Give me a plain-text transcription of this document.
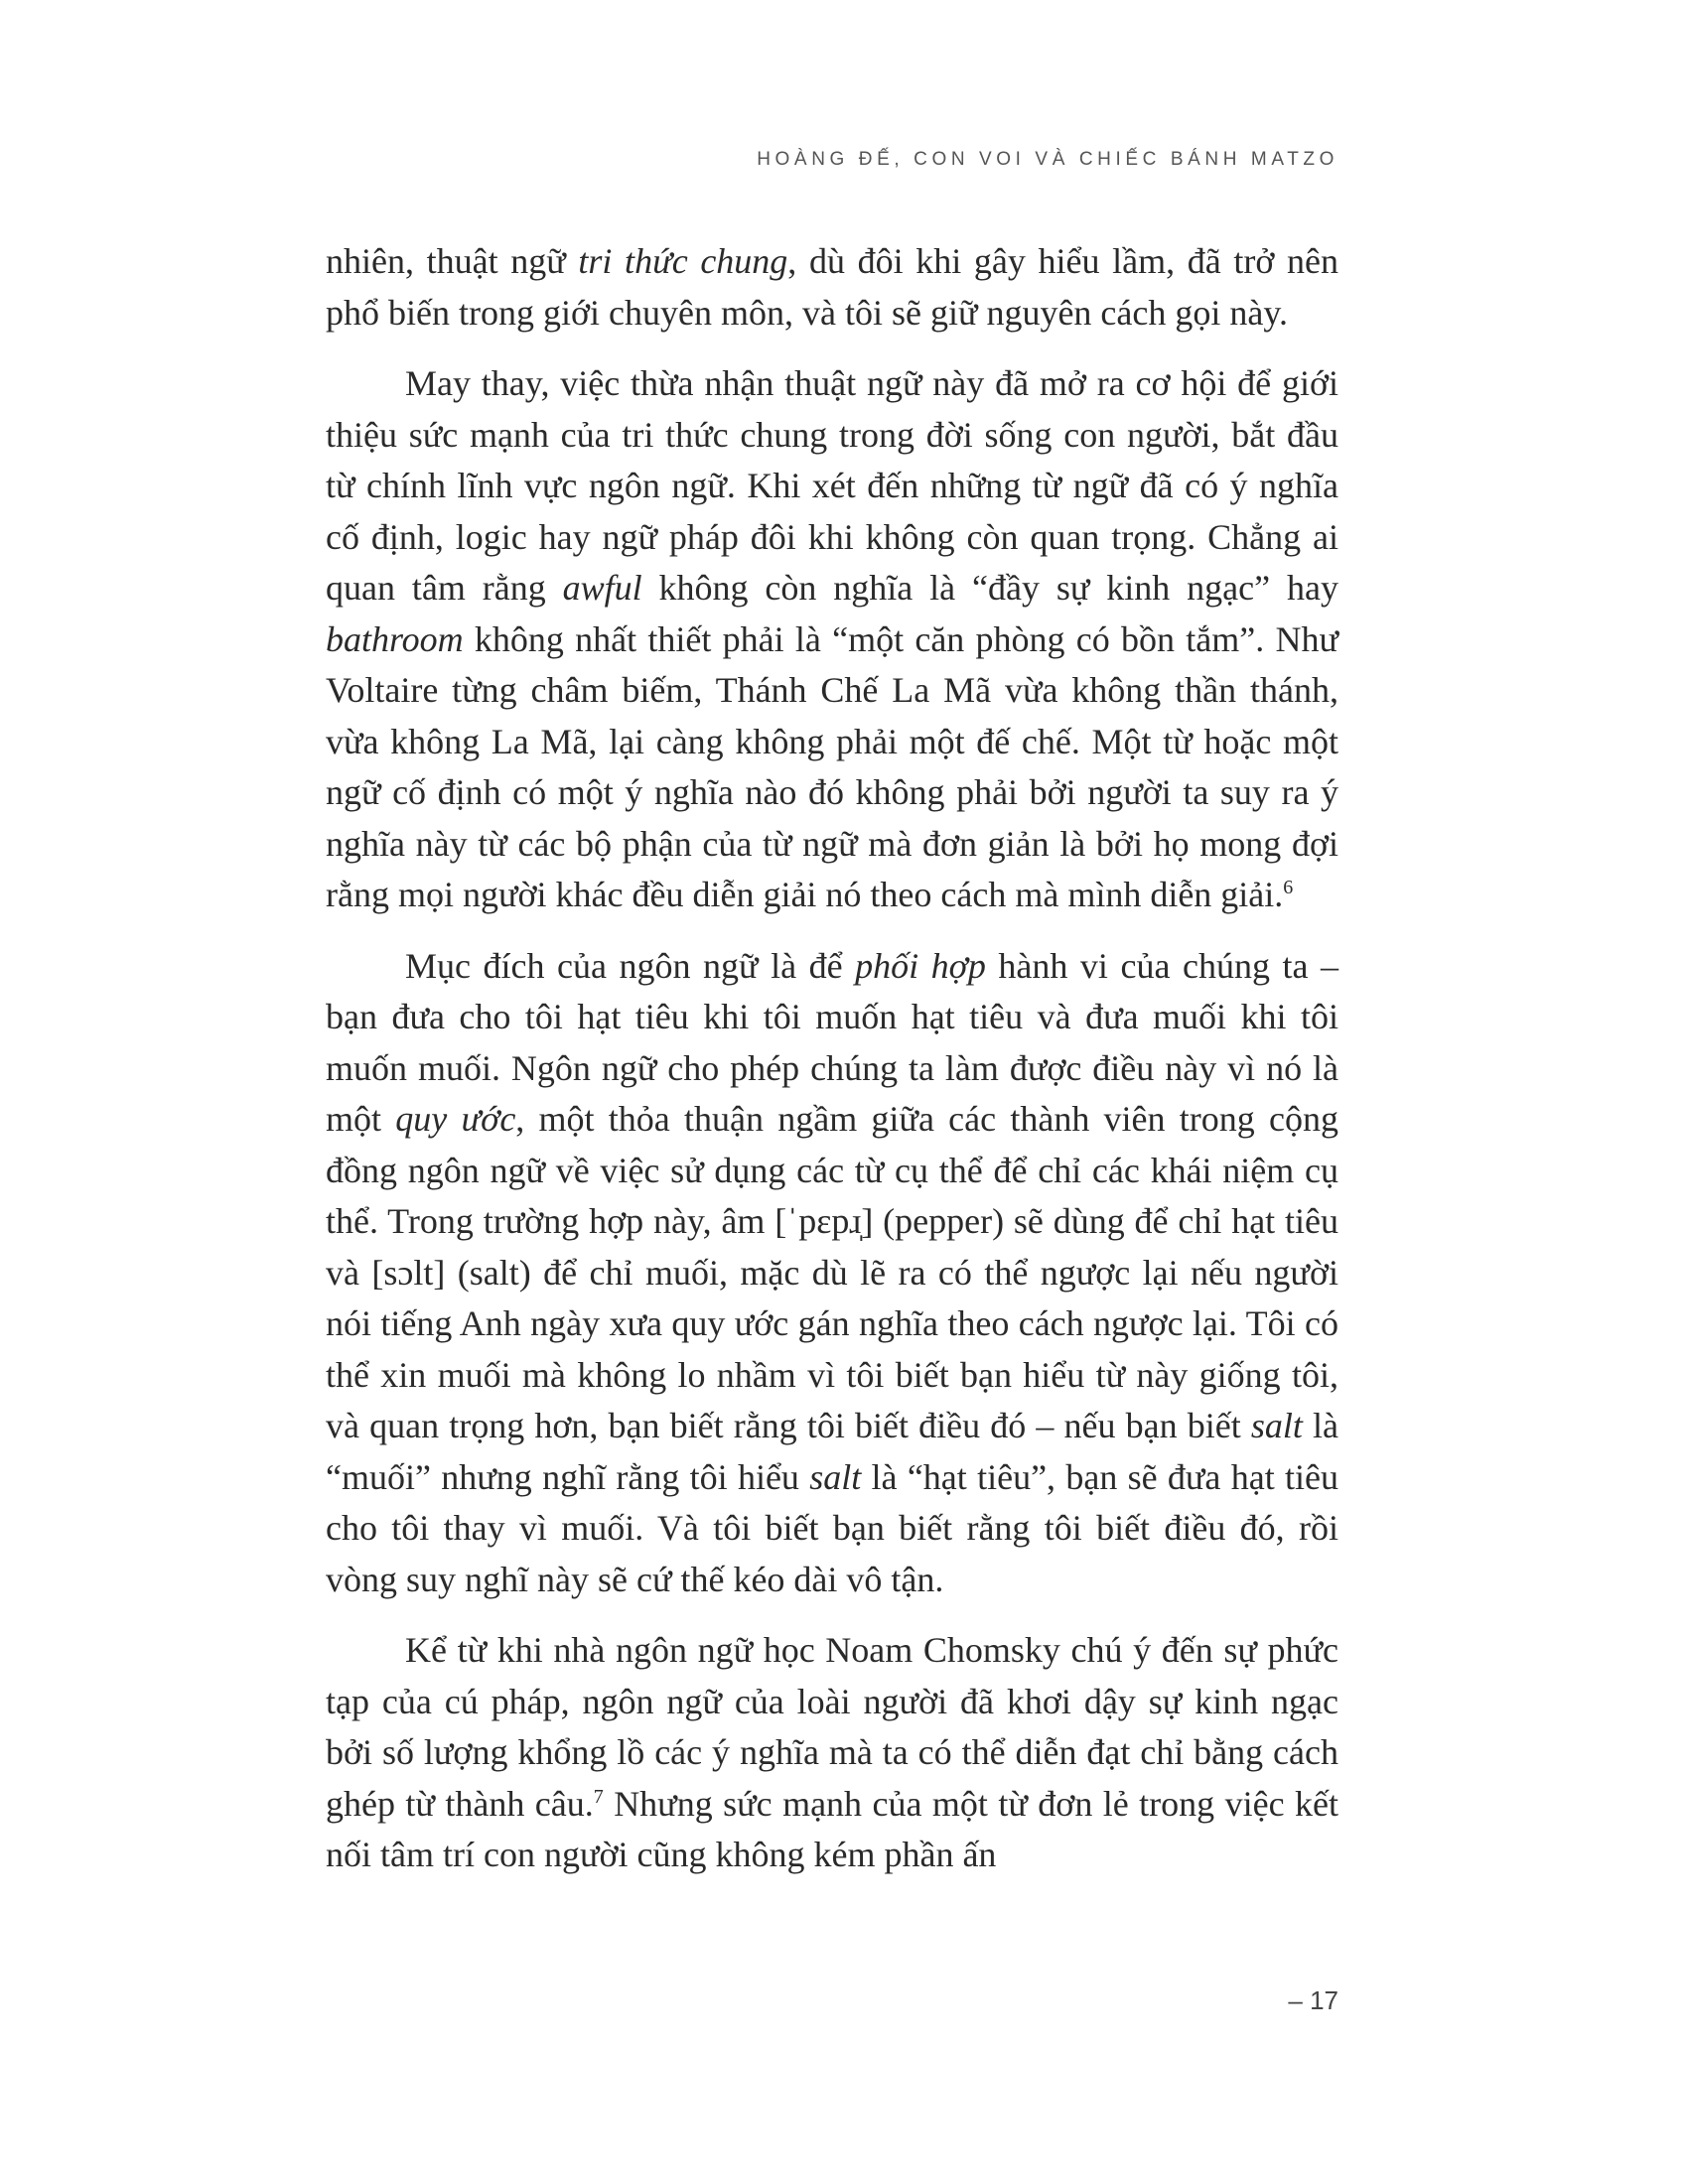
HOÀNG ĐẾ, CON VOI VÀ CHIẾC BÁNH MATZO

nhiên, thuật ngữ tri thức chung, dù đôi khi gây hiểu lầm, đã trở nên phổ biến trong giới chuyên môn, và tôi sẽ giữ nguyên cách gọi này.

May thay, việc thừa nhận thuật ngữ này đã mở ra cơ hội để giới thiệu sức mạnh của tri thức chung trong đời sống con người, bắt đầu từ chính lĩnh vực ngôn ngữ. Khi xét đến những từ ngữ đã có ý nghĩa cố định, logic hay ngữ pháp đôi khi không còn quan trọng. Chẳng ai quan tâm rằng awful không còn nghĩa là “đầy sự kinh ngạc” hay bathroom không nhất thiết phải là “một căn phòng có bồn tắm”. Như Voltaire từng châm biếm, Thánh Chế La Mã vừa không thần thánh, vừa không La Mã, lại càng không phải một đế chế. Một từ hoặc một ngữ cố định có một ý nghĩa nào đó không phải bởi người ta suy ra ý nghĩa này từ các bộ phận của từ ngữ mà đơn giản là bởi họ mong đợi rằng mọi người khác đều diễn giải nó theo cách mà mình diễn giải.$^6$

Mục đích của ngôn ngữ là để phối hợp hành vi của chúng ta – bạn đưa cho tôi hạt tiêu khi tôi muốn hạt tiêu và đưa muối khi tôi muốn muối. Ngôn ngữ cho phép chúng ta làm được điều này vì nó là một quy ước, một thỏa thuận ngầm giữa các thành viên trong cộng đồng ngôn ngữ về việc sử dụng các từ cụ thể để chỉ các khái niệm cụ thể. Trong trường hợp này, âm [ˈpɛpɹ̩] (pepper) sẽ dùng để chỉ hạt tiêu và [sɔlt] (salt) để chỉ muối, mặc dù lẽ ra có thể ngược lại nếu người nói tiếng Anh ngày xưa quy ước gán nghĩa theo cách ngược lại. Tôi có thể xin muối mà không lo nhầm vì tôi biết bạn hiểu từ này giống tôi, và quan trọng hơn, bạn biết rằng tôi biết điều đó – nếu bạn biết salt là “muối” nhưng nghĩ rằng tôi hiểu salt là “hạt tiêu”, bạn sẽ đưa hạt tiêu cho tôi thay vì muối. Và tôi biết bạn biết rằng tôi biết điều đó, rồi vòng suy nghĩ này sẽ cứ thế kéo dài vô tận.

Kể từ khi nhà ngôn ngữ học Noam Chomsky chú ý đến sự phức tạp của cú pháp, ngôn ngữ của loài người đã khơi dậy sự kinh ngạc bởi số lượng khổng lồ các ý nghĩa mà ta có thể diễn đạt chỉ bằng cách ghép từ thành câu.$^7$ Nhưng sức mạnh của một từ đơn lẻ trong việc kết nối tâm trí con người cũng không kém phần ấn

– 17
